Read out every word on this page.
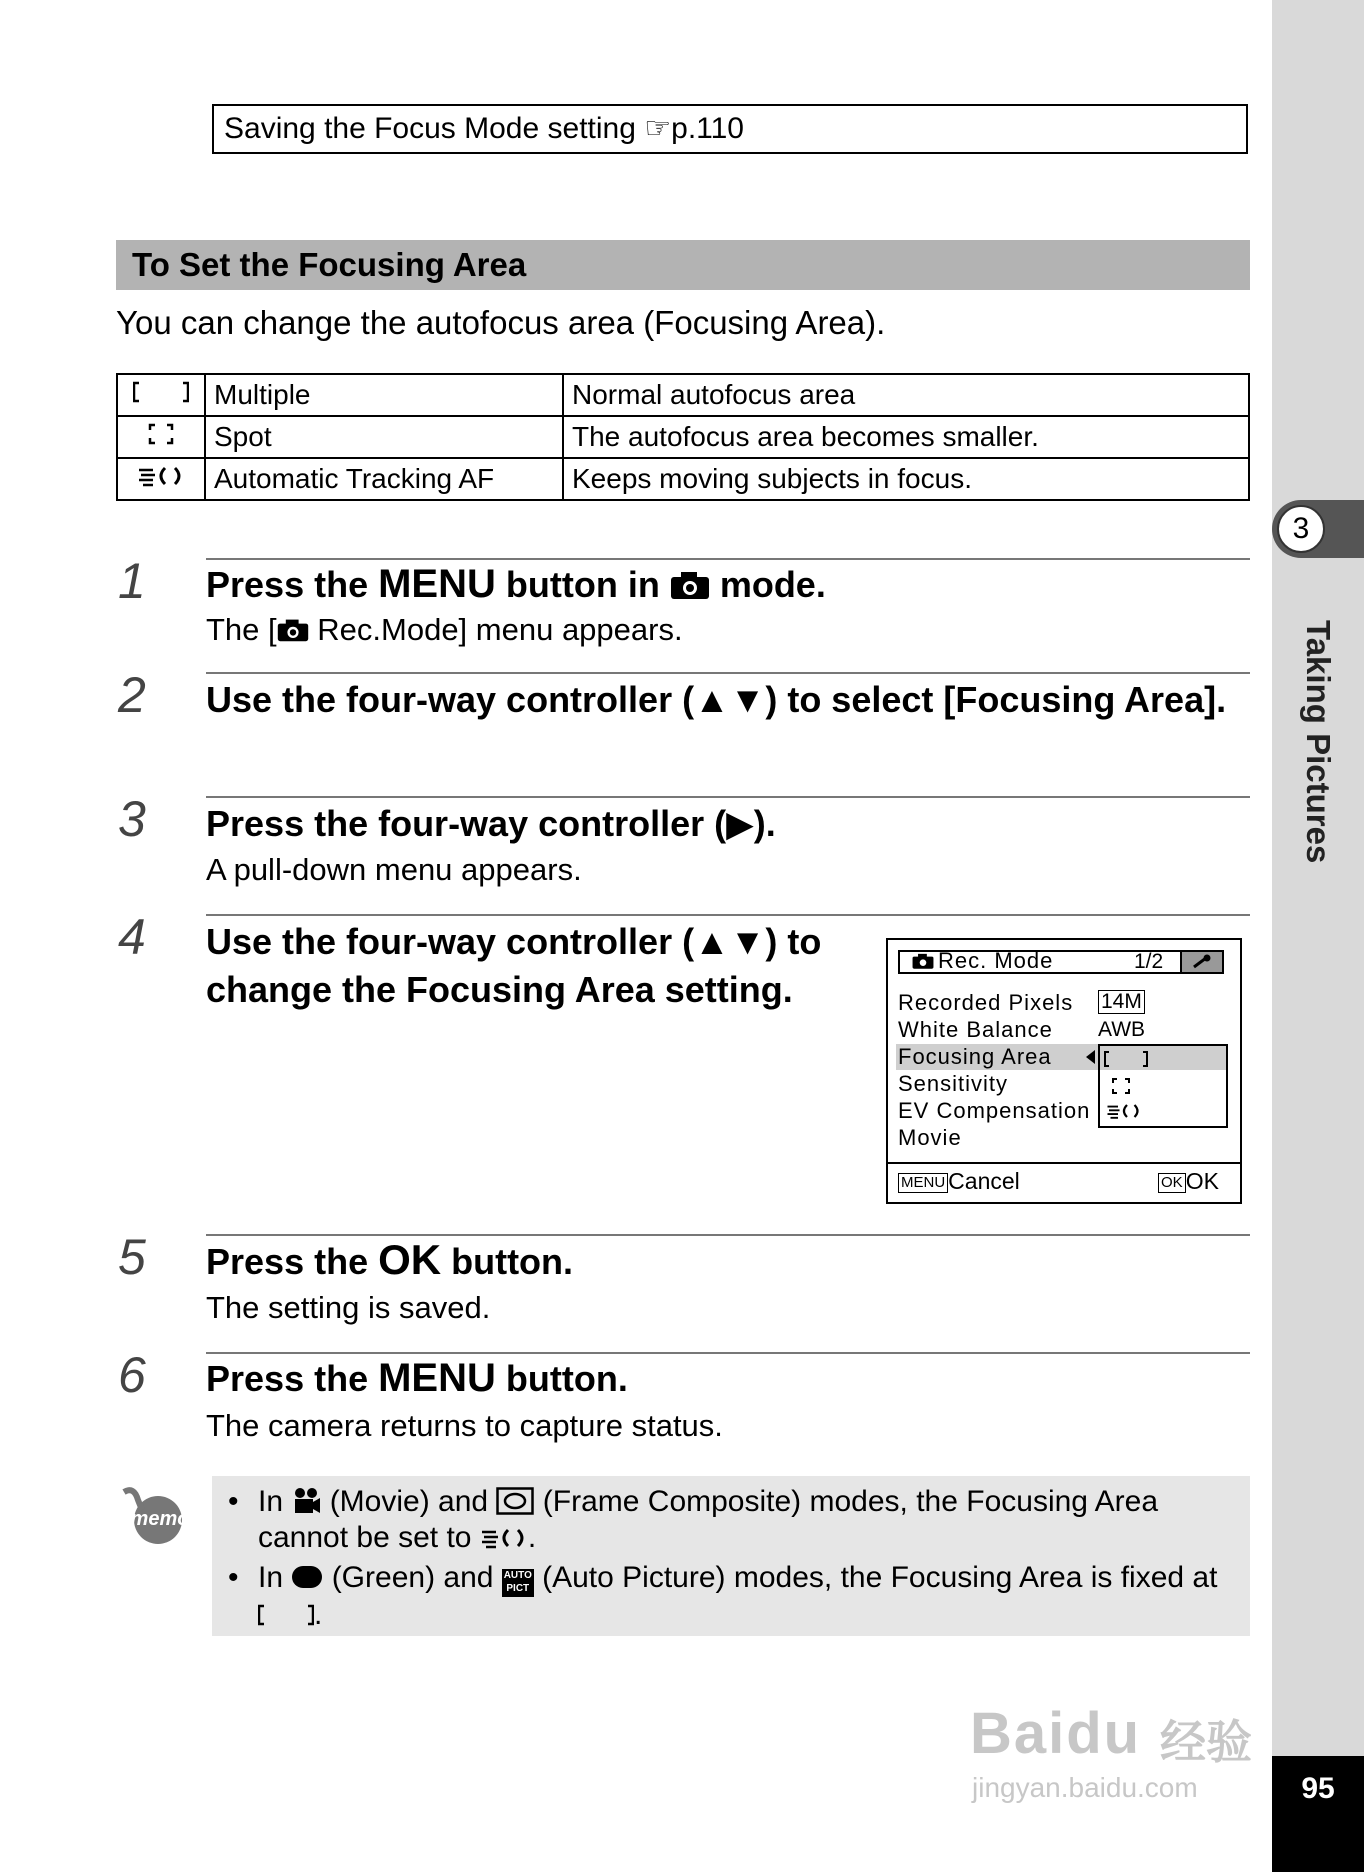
3
Taking Pictures
95
Saving the Focus Mode setting ☞p.110
To Set the Focusing Area
You can change the autofocus area (Focusing Area).
	Multiple	Normal autofocus area
	Spot	The autofocus area becomes smaller.
	Automatic Tracking AF	Keeps moving subjects in focus.
1 Press the MENU button in  mode.
The [ Rec.Mode] menu appears.
2 Use the four-way controller (▲▼) to select [Focusing Area].
3 Press the four-way controller (▶).
A pull-down menu appears.
4 Use the four-way controller (▲▼) to change the Focusing Area setting.
Rec. Mode	1/2
Recorded Pixels
White Balance
Focusing Area
Sensitivity
EV Compensation
Movie
14M
AWB
MENU Cancel	OK OK
5 Press the OK button.
The setting is saved.
6 Press the MENU button.
The camera returns to capture status.
memo
• In  (Movie) and  (Frame Composite) modes, the Focusing Area cannot be set to .
• In  (Green) and AUTO
PICT (Auto Picture) modes, the Focusing Area is fixed at .
Baidu 经验
jingyan.baidu.com
